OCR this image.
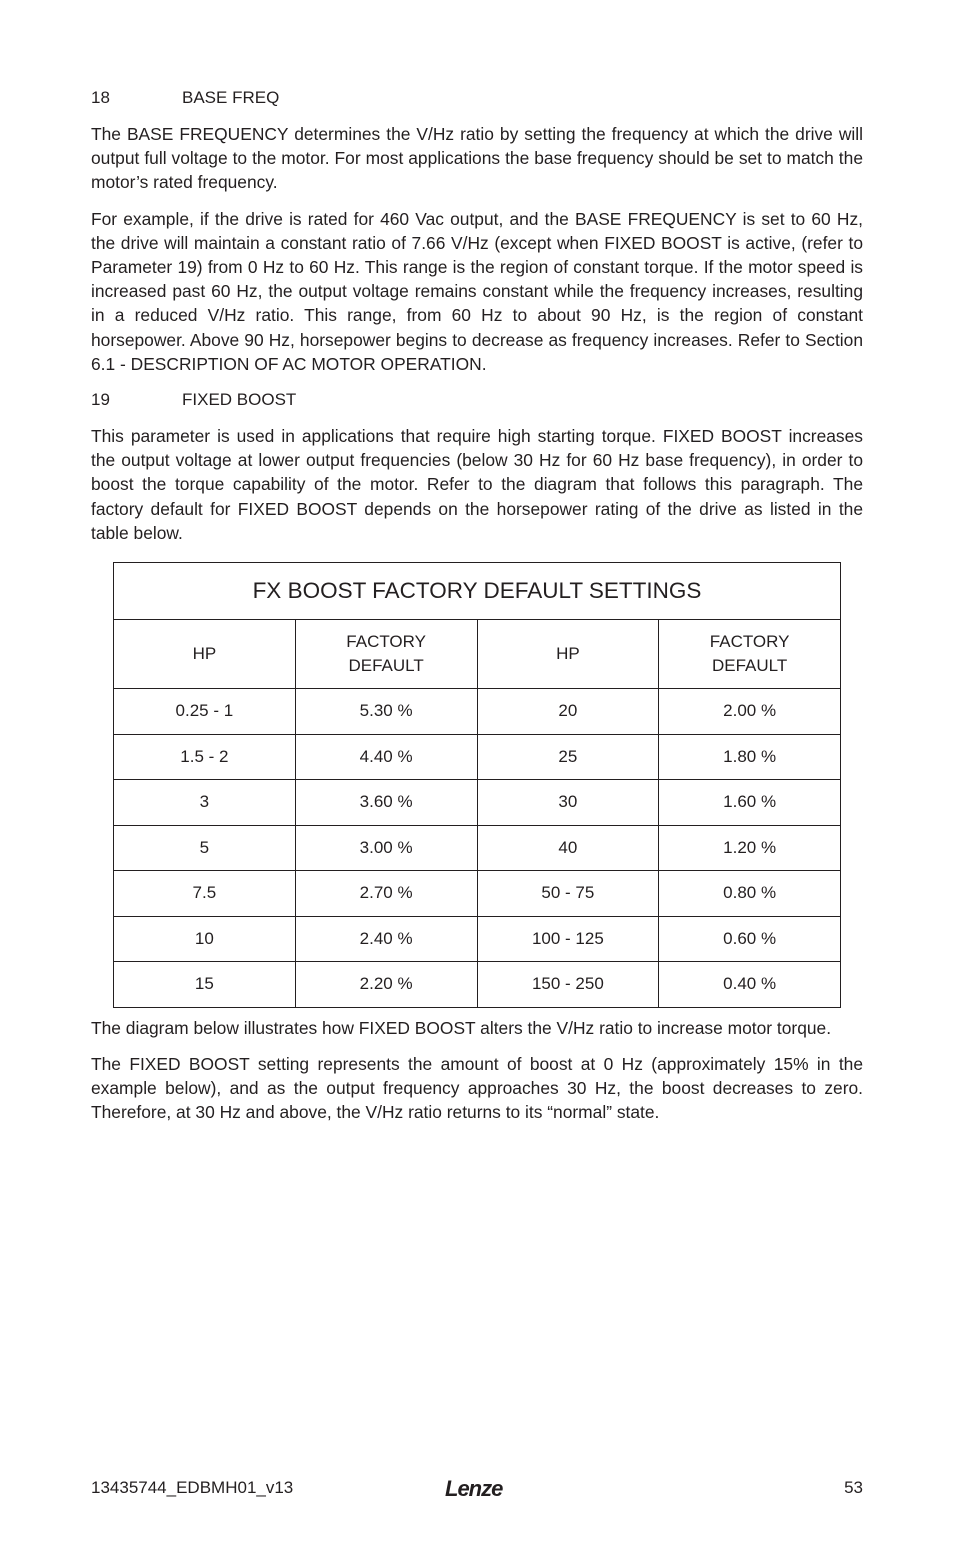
18	BASE FREQ

The BASE FREQUENCY determines the V/Hz ratio by setting the frequency at which the drive will output full voltage to the motor. For most applications the base frequency should be set to match the motor’s rated frequency.

For example, if the drive is rated for 460 Vac output, and the BASE FREQUENCY is set to 60 Hz, the drive will maintain a constant ratio of 7.66 V/Hz (except when FIXED BOOST is active, (refer to Parameter 19) from 0 Hz to 60 Hz. This range is the region of constant torque. If the motor speed is increased past 60 Hz, the output voltage remains constant while the frequency increases, resulting in a reduced V/Hz ratio. This range, from 60 Hz to about 90 Hz, is the region of constant horsepower. Above 90 Hz, horsepower begins to decrease as frequency increases. Refer to Section 6.1 - DESCRIPTION OF AC MOTOR OPERATION.

19	FIXED BOOST

This parameter is used in applications that require high starting torque. FIXED BOOST increases the output voltage at lower output frequencies (below 30 Hz for 60 Hz base frequency), in order to boost the torque capability of the motor. Refer to the diagram that follows this paragraph. The factory default for FIXED BOOST depends on the horsepower rating of the drive as listed in the table below.

FX BOOST FACTORY DEFAULT SETTINGS			
HP	FACTORY DEFAULT	HP	FACTORY DEFAULT
0.25 - 1	5.30 %	20	2.00 %
1.5 - 2	4.40 %	25	1.80 %
3	3.60 %	30	1.60 %
5	3.00 %	40	1.20 %
7.5	2.70 %	50 - 75	0.80 %
10	2.40 %	100 - 125	0.60 %
15	2.20 %	150 - 250	0.40 %

The diagram below illustrates how FIXED BOOST alters the V/Hz ratio to increase motor torque.

The FIXED BOOST setting represents the amount of boost at 0 Hz (approximately 15% in the example below), and as the output frequency approaches 30 Hz, the boost decreases to zero. Therefore, at 30 Hz and above, the V/Hz ratio returns to its “normal” state.

13435744_EDBMH01_v13	Lenze	53
